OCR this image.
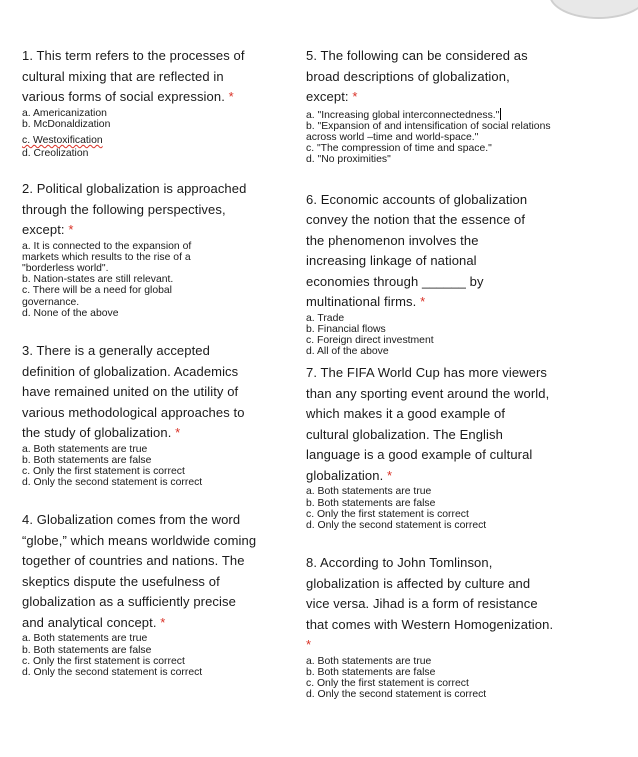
1. This term refers to the processes of cultural mixing that are reflected in various forms of social expression. *
a. Americanization
b. McDonaldization
c. Westoxification
d. Creolization
2. Political globalization is approached through the following perspectives, except: *
a. It is connected to the expansion of markets which results to the rise of a "borderless world".
b. Nation-states are still relevant.
c. There will be a need for global governance.
d. None of the above
3. There is a generally accepted definition of globalization. Academics have remained united on the utility of various methodological approaches to the study of globalization. *
a. Both statements are true
b. Both statements are false
c. Only the first statement is correct
d. Only the second statement is correct
4. Globalization comes from the word “globe,” which means worldwide coming together of countries and nations. The skeptics dispute the usefulness of globalization as a sufficiently precise and analytical concept. *
a. Both statements are true
b. Both statements are false
c. Only the first statement is correct
d. Only the second statement is correct
5. The following can be considered as broad descriptions of globalization, except: *
a. "Increasing global interconnectedness."
b. "Expansion of and intensification of social relations across world –time and world-space."
c. "The compression of time and space."
d. "No proximities"
6. Economic accounts of globalization convey the notion that the essence of the phenomenon involves the increasing linkage of national economies through ______ by multinational firms. *
a. Trade
b. Financial flows
c. Foreign direct investment
d. All of the above
7. The FIFA World Cup has more viewers than any sporting event around the world, which makes it a good example of cultural globalization. The English language is a good example of cultural globalization. *
a. Both statements are true
b. Both statements are false
c. Only the first statement is correct
d. Only the second statement is correct
8. According to John Tomlinson, globalization is affected by culture and vice versa. Jihad is a form of resistance that comes with Western Homogenization. *
a. Both statements are true
b. Both statements are false
c. Only the first statement is correct
d. Only the second statement is correct
